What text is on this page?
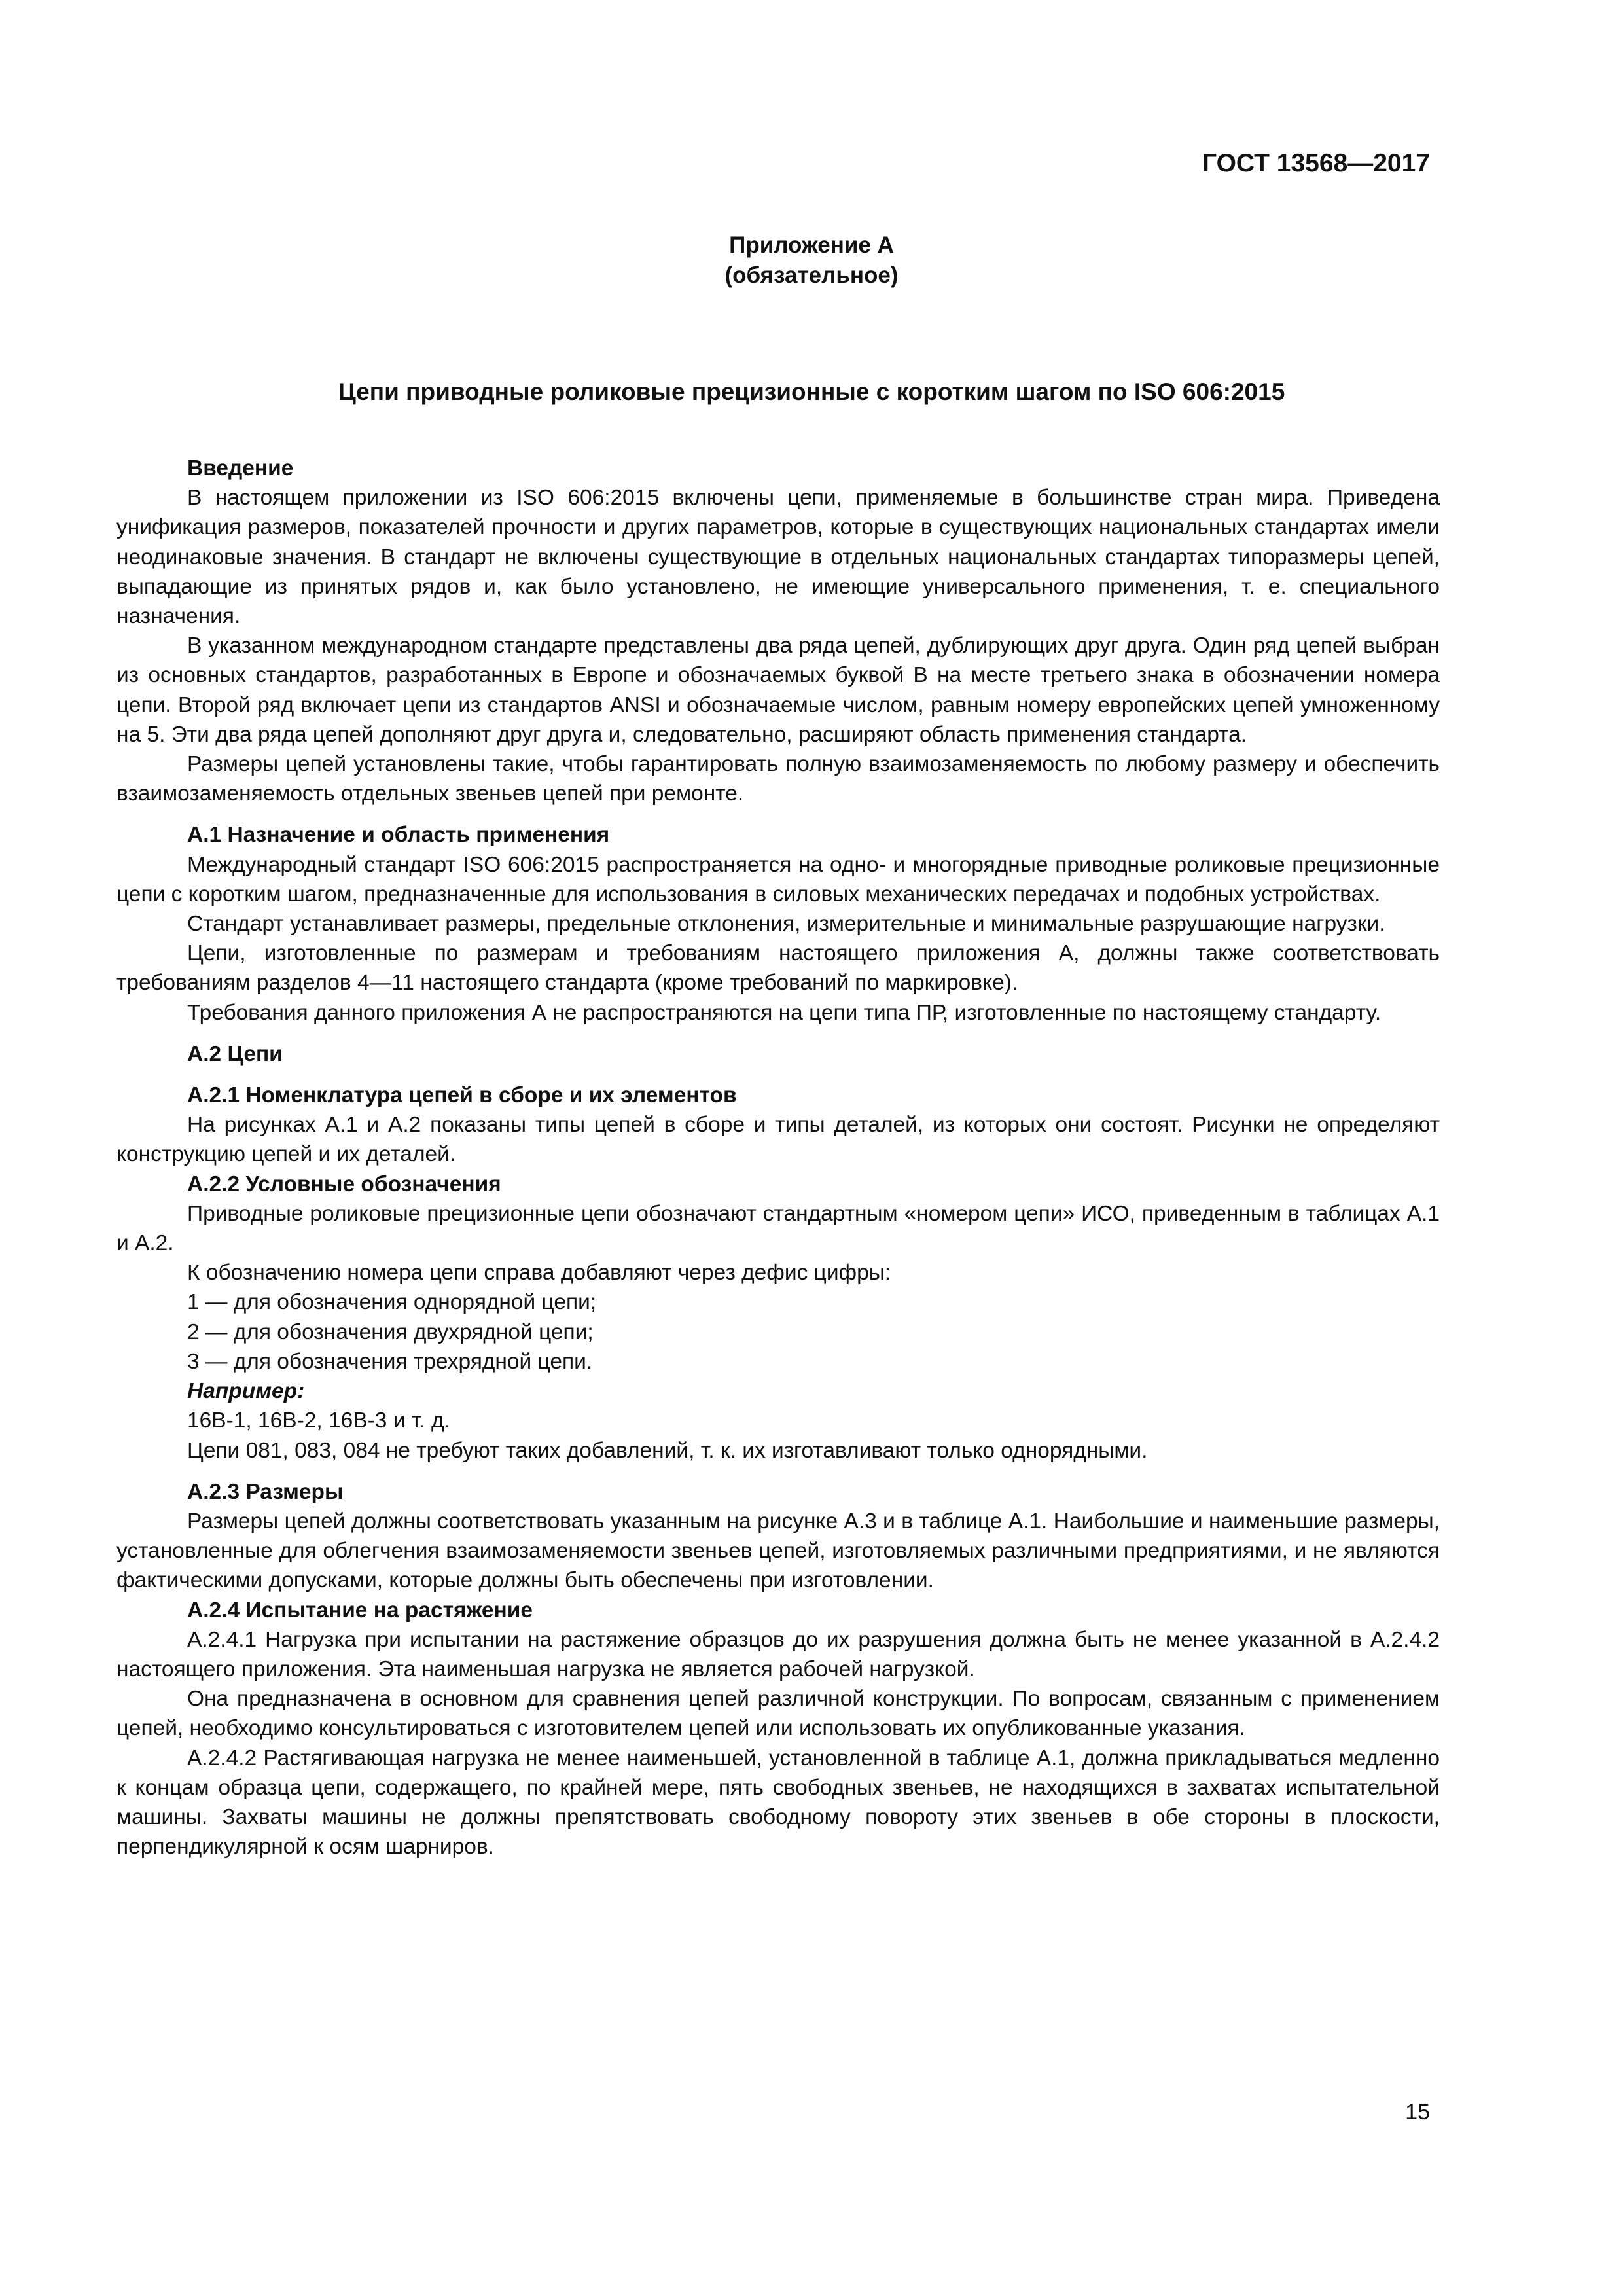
ГОСТ 13568—2017
Приложение А
(обязательное)
Цепи приводные роликовые прецизионные с коротким шагом по ISO 606:2015
Введение

В настоящем приложении из ISO 606:2015 включены цепи, применяемые в большинстве стран мира. Приведена унификация размеров, показателей прочности и других параметров, которые в существующих национальных стандартах имели неодинаковые значения. В стандарт не включены существующие в отдельных национальных стандартах типоразмеры цепей, выпадающие из принятых рядов и, как было установлено, не имеющие универсального применения, т. е. специального назначения.

В указанном международном стандарте представлены два ряда цепей, дублирующих друг друга. Один ряд цепей выбран из основных стандартов, разработанных в Европе и обозначаемых буквой В на месте третьего знака в обозначении номера цепи. Второй ряд включает цепи из стандартов ANSI и обозначаемые числом, равным номеру европейских цепей умноженному на 5. Эти два ряда цепей дополняют друг друга и, следовательно, расширяют область применения стандарта.

Размеры цепей установлены такие, чтобы гарантировать полную взаимозаменяемость по любому размеру и обеспечить взаимозаменяемость отдельных звеньев цепей при ремонте.

А.1 Назначение и область применения

Международный стандарт ISO 606:2015 распространяется на одно- и многорядные приводные роликовые прецизионные цепи с коротким шагом, предназначенные для использования в силовых механических передачах и подобных устройствах.

Стандарт устанавливает размеры, предельные отклонения, измерительные и минимальные разрушающие нагрузки.

Цепи, изготовленные по размерам и требованиям настоящего приложения А, должны также соответствовать требованиям разделов 4—11 настоящего стандарта (кроме требований по маркировке).

Требования данного приложения А не распространяются на цепи типа ПР, изготовленные по настоящему стандарту.

А.2 Цепи
А.2.1 Номенклатура цепей в сборе и их элементов

На рисунках А.1 и А.2 показаны типы цепей в сборе и типы деталей, из которых они состоят. Рисунки не определяют конструкцию цепей и их деталей.

А.2.2 Условные обозначения

Приводные роликовые прецизионные цепи обозначают стандартным «номером цепи» ИСО, приведенным в таблицах А.1 и А.2.

К обозначению номера цепи справа добавляют через дефис цифры:

1 — для обозначения однорядной цепи;
2 — для обозначения двухрядной цепи;
3 — для обозначения трехрядной цепи.
Например:
16В-1, 16В-2, 16В-3 и т. д.
Цепи 081, 083, 084 не требуют таких добавлений, т. к. их изготавливают только однорядными.
А.2.3 Размеры

Размеры цепей должны соответствовать указанным на рисунке А.3 и в таблице А.1. Наибольшие и наименьшие размеры, установленные для облегчения взаимозаменяемости звеньев цепей, изготовляемых различными предприятиями, и не являются фактическими допусками, которые должны быть обеспечены при изготовлении.

А.2.4 Испытание на растяжение

А.2.4.1 Нагрузка при испытании на растяжение образцов до их разрушения должна быть не менее указанной в А.2.4.2 настоящего приложения. Эта наименьшая нагрузка не является рабочей нагрузкой.

Она предназначена в основном для сравнения цепей различной конструкции. По вопросам, связанным с применением цепей, необходимо консультироваться с изготовителем цепей или использовать их опубликованные указания.

А.2.4.2 Растягивающая нагрузка не менее наименьшей, установленной в таблице А.1, должна прикладываться медленно к концам образца цепи, содержащего, по крайней мере, пять свободных звеньев, не находящихся в захватах испытательной машины. Захваты машины не должны препятствовать свободному повороту этих звеньев в обе стороны в плоскости, перпендикулярной к осям шарниров.

15
